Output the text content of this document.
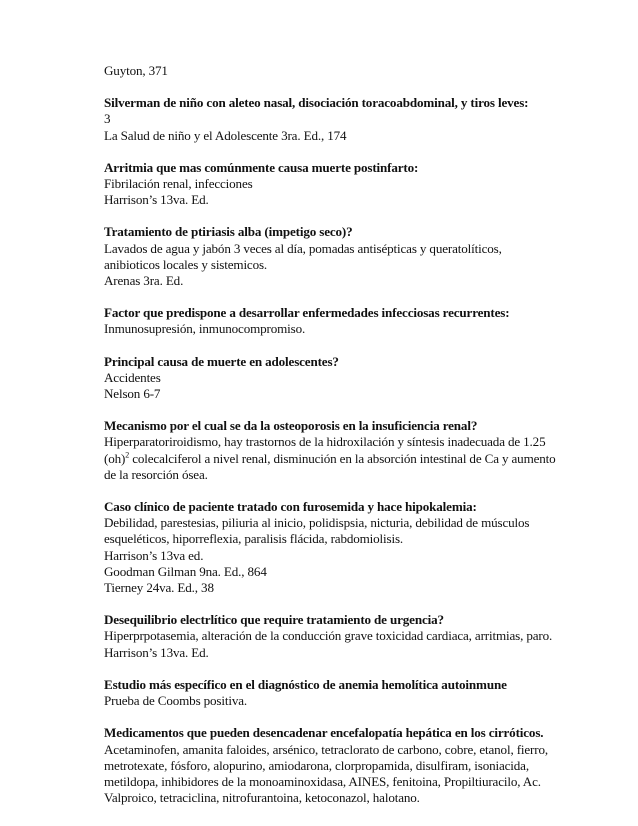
Guyton, 371
Silverman de niño con aleteo nasal, disociación toracoabdominal, y tiros leves:
3
La Salud de niño y el Adolescente 3ra. Ed., 174
Arritmia que mas comúnmente causa muerte postinfarto:
Fibrilación renal, infecciones
Harrison’s 13va. Ed.
Tratamiento de ptiriasis alba (impetigo seco)?
Lavados de agua y jabón 3 veces al día, pomadas antisépticas y queratolíticos,
anibioticos locales y sistemicos.
Arenas 3ra. Ed.
Factor que predispone a desarrollar enfermedades infecciosas recurrentes:
Inmunosupresión, inmunocompromiso.
Principal causa de muerte en adolescentes?
Accidentes
Nelson 6-7
Mecanismo por el cual se da la osteoporosis en la insuficiencia renal?
Hiperparatoriroidismo, hay trastornos de la hidroxilación y síntesis inadecuada de 1.25
(oh)$^2$ colecalciferol a nivel renal, disminución en la absorción intestinal de Ca y aumento
de la resorción ósea.
Caso clínico de paciente tratado con furosemida y hace hipokalemia:
Debilidad, parestesias, piliuria al inicio, polidispsia, nicturia, debilidad de músculos
esqueléticos, hiporreflexia, paralisis flácida, rabdomiolisis.
Harrison’s 13va ed.
Goodman Gilman 9na. Ed., 864
Tierney 24va. Ed., 38
Desequilibrio electrlítico que require tratamiento de urgencia?
Hiperprpotasemia, alteración de la conducción grave toxicidad cardiaca, arritmias, paro.
Harrison’s 13va. Ed.
Estudio más específico en el diagnóstico de anemia hemolítica autoinmune
Prueba de Coombs positiva.
Medicamentos que pueden desencadenar encefalopatía hepática en los cirróticos.
Acetaminofen, amanita faloides, arsénico, tetraclorato de carbono, cobre, etanol, fierro,
metrotexate, fósforo, alopurino, amiodarona, clorpropamida, disulfiram, isoniacida,
metildopa, inhibidores de la monoaminoxidasa, AINES, fenitoina, Propiltiuracilo, Ac.
Valproico, tetraciclina, nitrofurantoina, ketoconazol, halotano.
